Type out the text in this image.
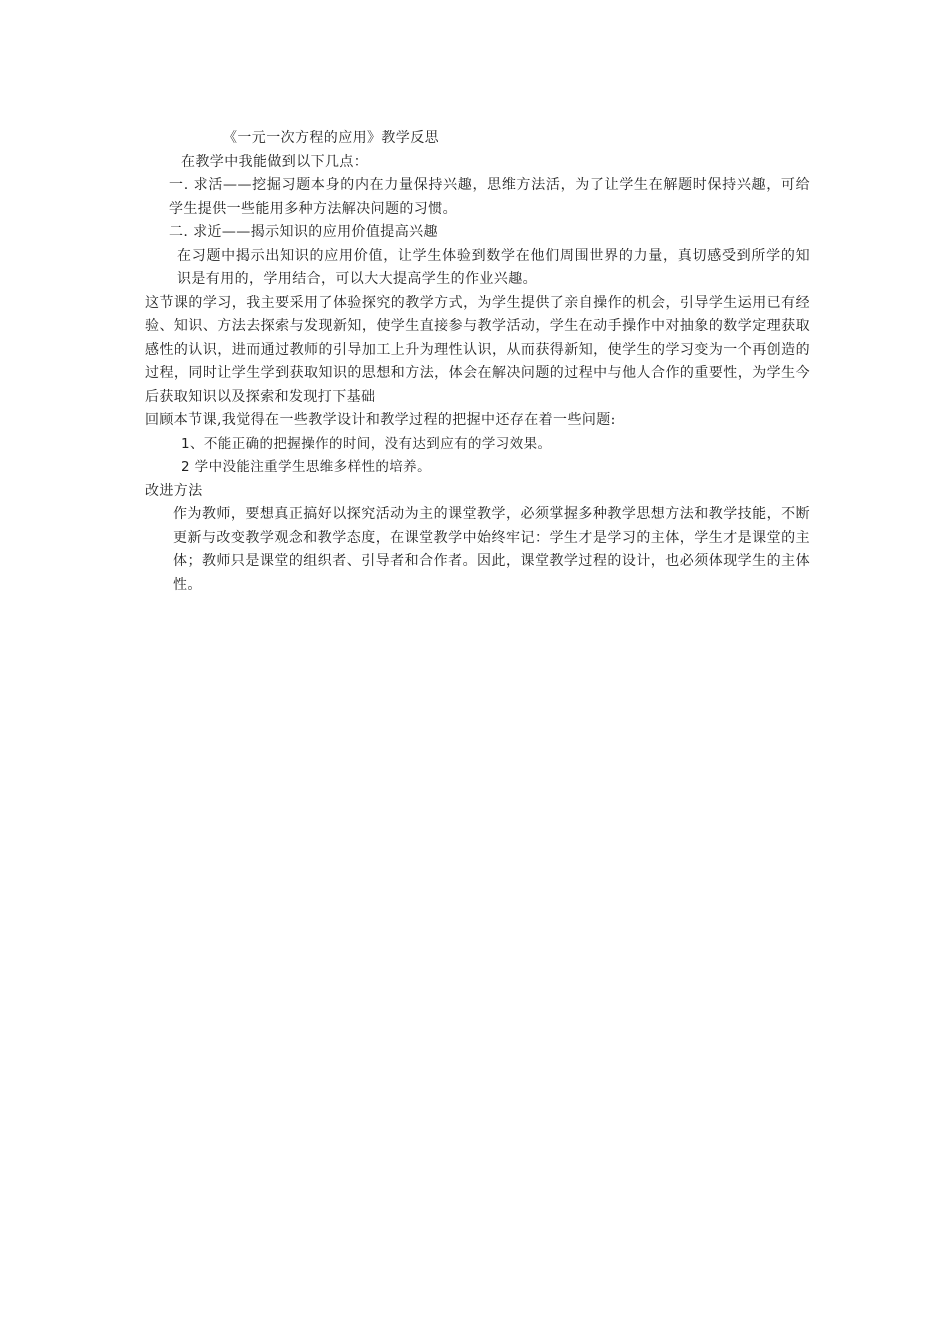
《一元一次方程的应用》教学反思

在教学中我能做到以下几点：

一. 求活——挖掘习题本身的内在力量保持兴趣，思维方法活，为了让学生在解题时保持兴趣，可给学生提供一些能用多种方法解决问题的习惯。

二. 求近——揭示知识的应用价值提高兴趣

在习题中揭示出知识的应用价值，让学生体验到数学在他们周围世界的力量，真切感受到所学的知识是有用的，学用结合，可以大大提高学生的作业兴趣。

这节课的学习，我主要采用了体验探究的教学方式，为学生提供了亲自操作的机会，引导学生运用已有经验、知识、方法去探索与发现新知，使学生直接参与教学活动，学生在动手操作中对抽象的数学定理获取感性的认识，进而通过教师的引导加工上升为理性认识，从而获得新知，使学生的学习变为一个再创造的过程，同时让学生学到获取知识的思想和方法，体会在解决问题的过程中与他人合作的重要性，为学生今后获取知识以及探索和发现打下基础

回顾本节课,我觉得在一些教学设计和教学过程的把握中还存在着一些问题:

1、不能正确的把握操作的时间，没有达到应有的学习效果。

2 学中没能注重学生思维多样性的培养。

改进方法

作为教师，要想真正搞好以探究活动为主的课堂教学，必须掌握多种教学思想方法和教学技能，不断更新与改变教学观念和教学态度，在课堂教学中始终牢记：学生才是学习的主体，学生才是课堂的主体；教师只是课堂的组织者、引导者和合作者。因此，课堂教学过程的设计，也必须体现学生的主体性。
